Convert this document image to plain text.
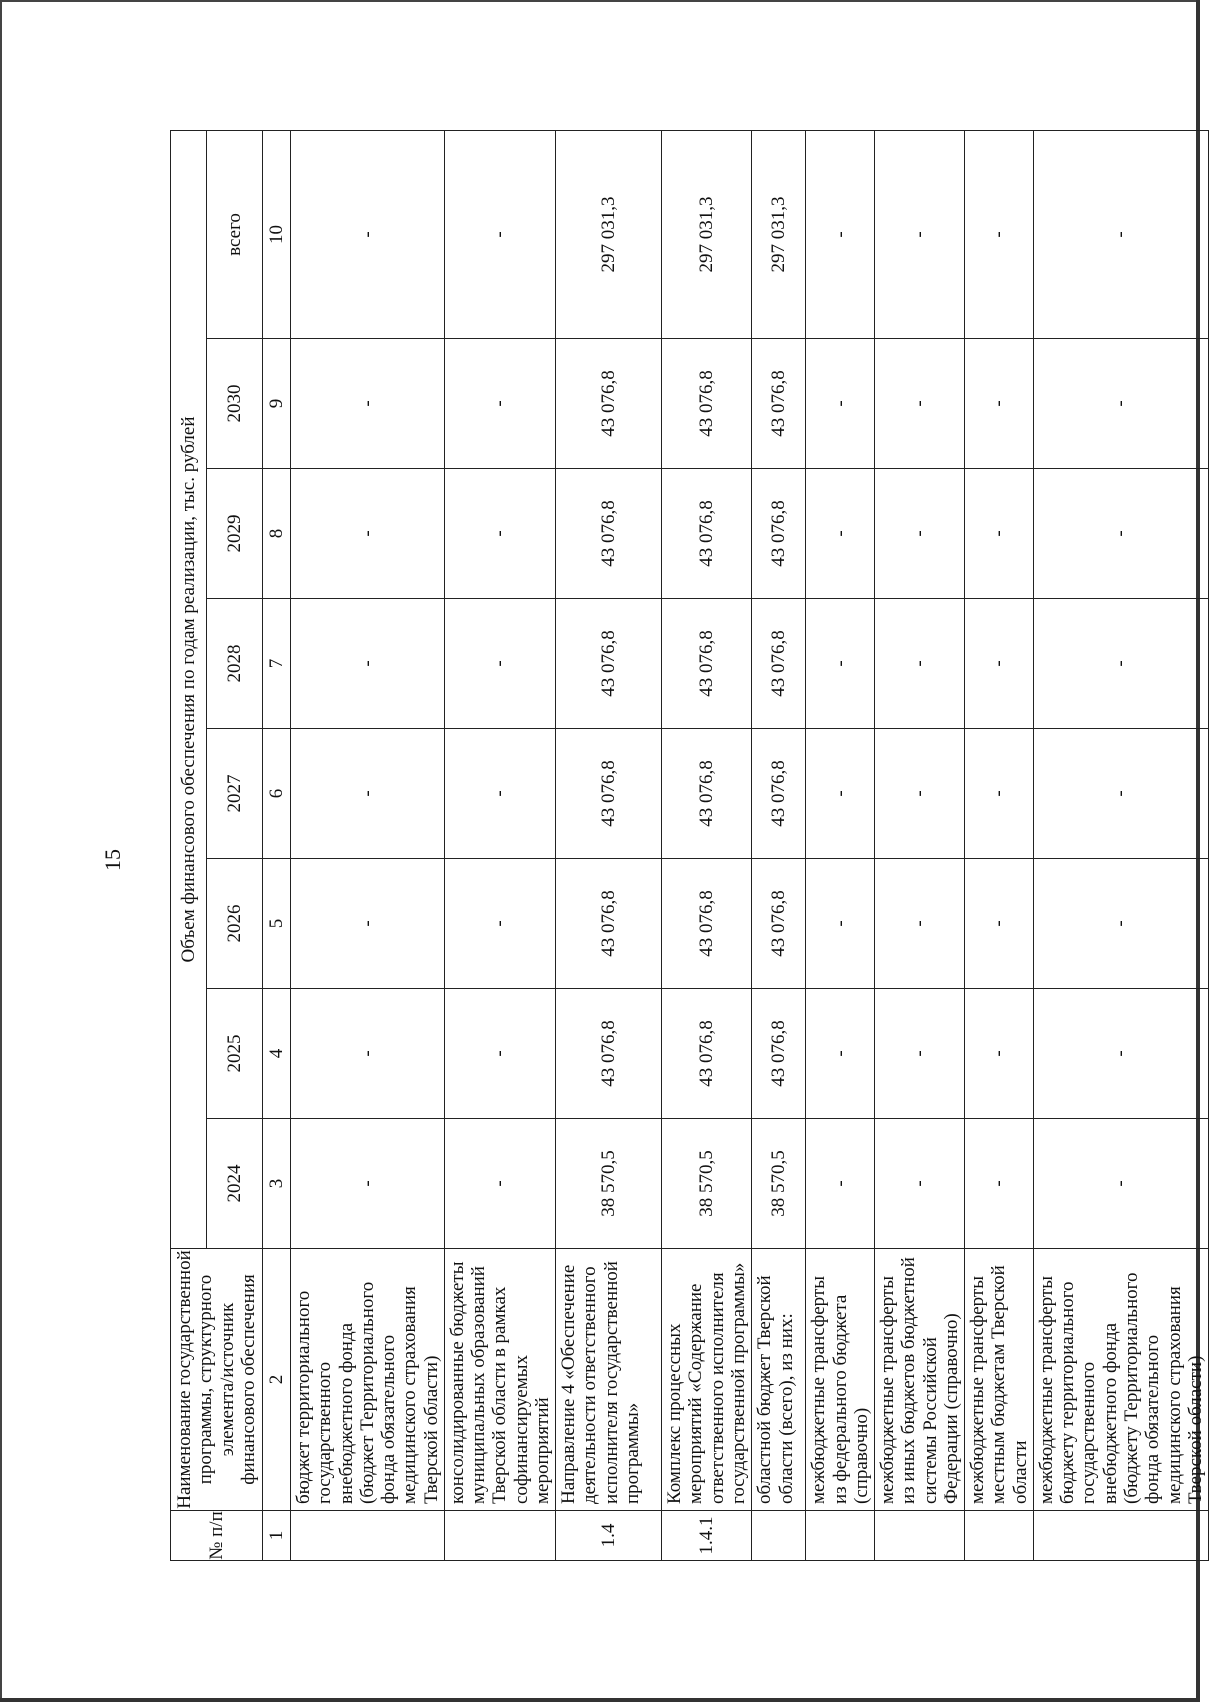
15
№ п/п	Наименование государственной программы, структурного элемента/источник финансового обеспечения	Объем финансового обеспечения по годам реализации, тыс. рублей							
		2024	2025	2026	2027	2028	2029	2030	всего
1	2	3	4	5	6	7	8	9	10
	бюджет территориального государственного внебюджетного фонда (бюджет Территориального фонда обязательного медицинского страхования Тверской области)	-	-	-	-	-	-	-	-
	консолидированные бюджеты муниципальных образований Тверской области в рамках софинансируемых мероприятий	-	-	-	-	-	-	-	-
1.4	Направление 4 «Обеспечение деятельности ответственного исполнителя государственной программы»	38 570,5	43 076,8	43 076,8	43 076,8	43 076,8	43 076,8	43 076,8	297 031,3
1.4.1	Комплекс процессных мероприятий «Содержание ответственного исполнителя государственной программы»	38 570,5	43 076,8	43 076,8	43 076,8	43 076,8	43 076,8	43 076,8	297 031,3
	областной бюджет Тверской области (всего), из них:	38 570,5	43 076,8	43 076,8	43 076,8	43 076,8	43 076,8	43 076,8	297 031,3
	межбюджетные трансферты из федерального бюджета (справочно)	-	-	-	-	-	-	-	-
	межбюджетные трансферты из иных бюджетов бюджетной системы Российской Федерации (справочно)	-	-	-	-	-	-	-	-
	межбюджетные трансферты местным бюджетам Тверской области	-	-	-	-	-	-	-	-
	межбюджетные трансферты бюджету территориального государственного внебюджетного фонда (бюджету Территориального фонда обязательного медицинского страхования Тверской области)	-	-	-	-	-	-	-	-
